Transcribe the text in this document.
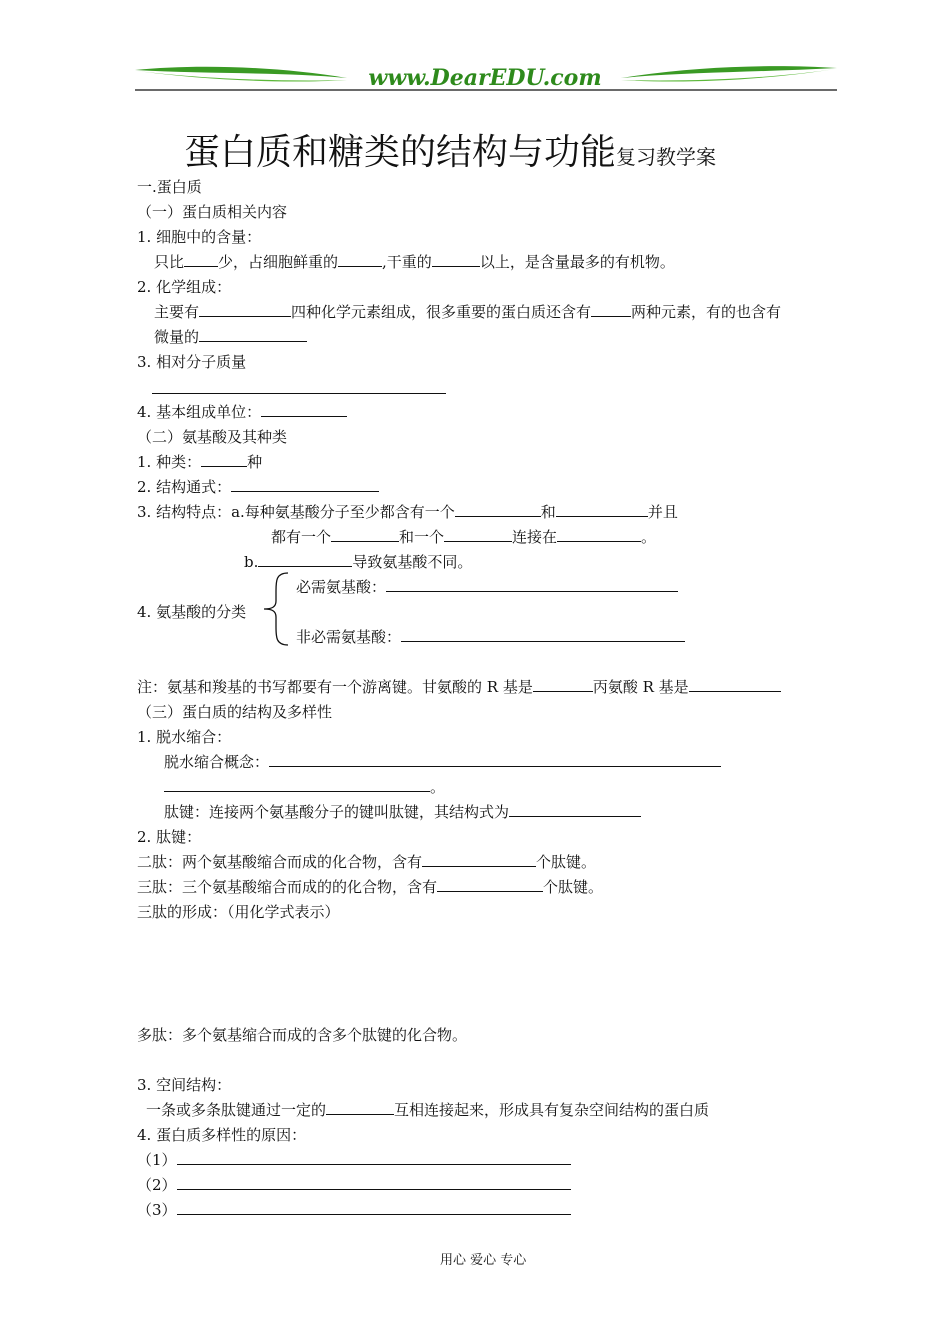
www.DearEDU.com
蛋白质和糖类的结构与功能复习教学案
一.蛋白质
（一）蛋白质相关内容
1. 细胞中的含量：
只比 少，占细胞鲜重的	,干重的	以上，是含量最多的有机物。
2. 化学组成：
主要有	四种化学元素组成，很多重要的蛋白质还含有	两种元素，有的也含有
微量的
3. 相对分子质量
4. 基本组成单位：
（二）氨基酸及其种类
1. 种类：	种
2. 结构通式：
3. 结构特点：a.每种氨基酸分子至少都含有一个	和	并且
都有一个	和一个	连接在	。
b.	导致氨基酸不同。
4. 氨基酸的分类
必需氨基酸：
非必需氨基酸：
注：氨基和羧基的书写都要有一个游离键。甘氨酸的 R 基是	丙氨酸 R 基是
（三）蛋白质的结构及多样性
1. 脱水缩合：
脱水缩合概念：
。
肽键：连接两个氨基酸分子的键叫肽键，其结构式为
2. 肽键：
二肽：两个氨基酸缩合而成的化合物，含有	个肽键。
三肽：三个氨基酸缩合而成的的化合物，含有	个肽键。
三肽的形成：（用化学式表示）
多肽：多个氨基缩合而成的含多个肽键的化合物。
3. 空间结构：
一条或多条肽键通过一定的	互相连接起来，形成具有复杂空间结构的蛋白质
4. 蛋白质多样性的原因：
（1）
（2）
（3）
用心 爱心 专心
